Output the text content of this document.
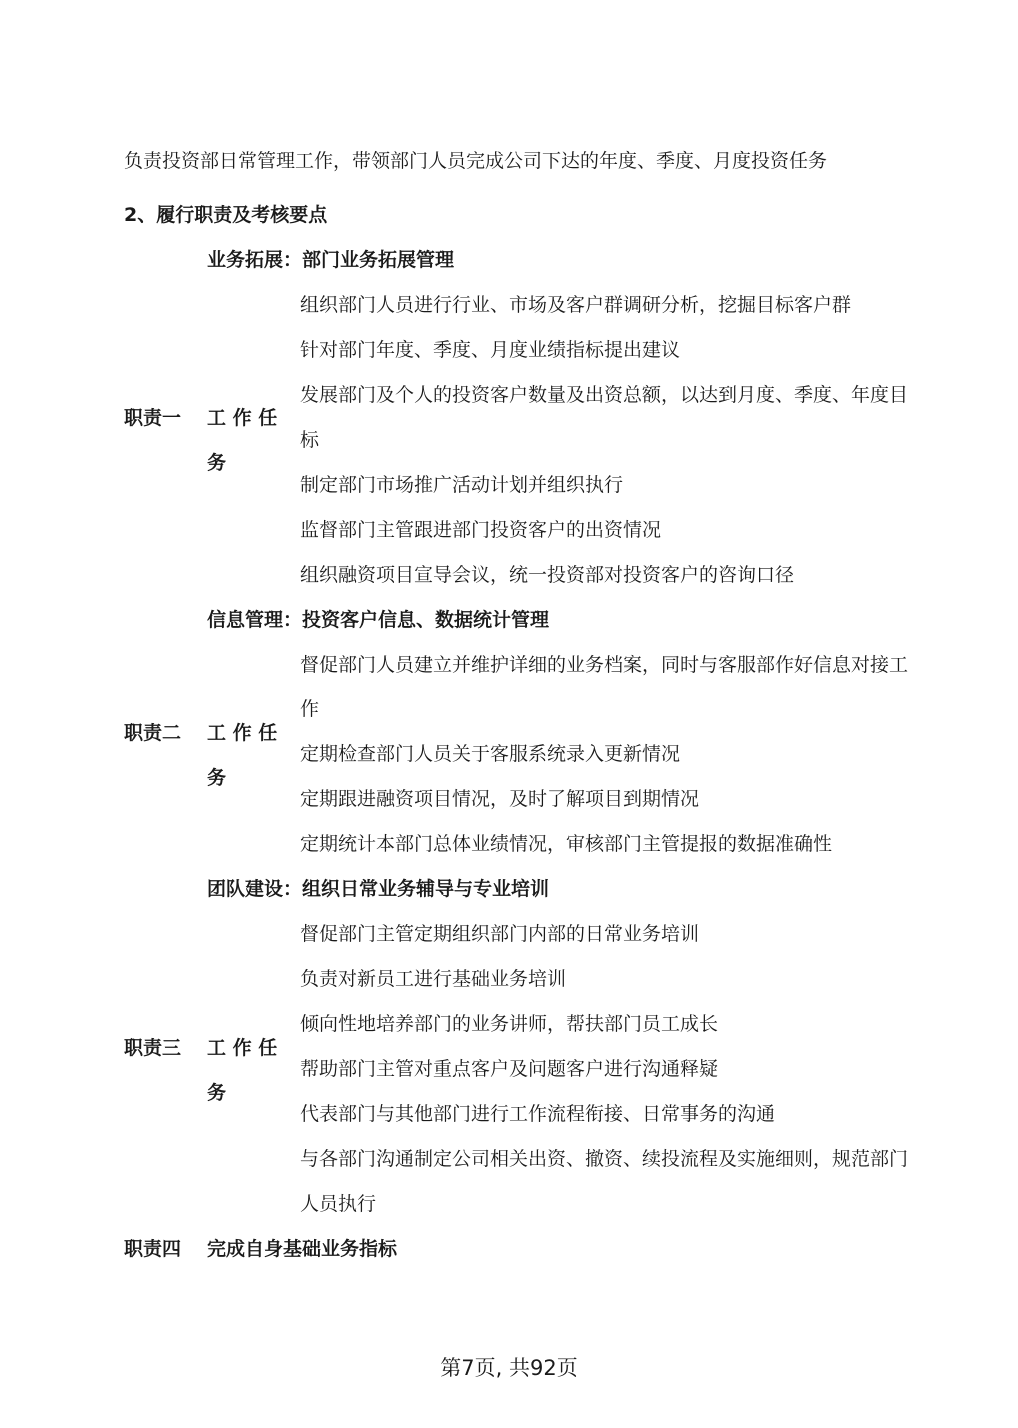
负责投资部日常管理工作，带领部门人员完成公司下达的年度、季度、月度投资任务
2、履行职责及考核要点
业务拓展：部门业务拓展管理
组织部门人员进行行业、市场及客户群调研分析，挖掘目标客户群
针对部门年度、季度、月度业绩指标提出建议
发展部门及个人的投资客户数量及出资总额，以达到月度、季度、年度目
职责一 工 作 任
标
务
制定部门市场推广活动计划并组织执行
监督部门主管跟进部门投资客户的出资情况
组织融资项目宣导会议，统一投资部对投资客户的咨询口径
信息管理：投资客户信息、数据统计管理
督促部门人员建立并维护详细的业务档案，同时与客服部作好信息对接工
作
职责二 工 作 任
定期检查部门人员关于客服系统录入更新情况
务
定期跟进融资项目情况，及时了解项目到期情况
定期统计本部门总体业绩情况，审核部门主管提报的数据准确性
团队建设：组织日常业务辅导与专业培训
督促部门主管定期组织部门内部的日常业务培训
负责对新员工进行基础业务培训
倾向性地培养部门的业务讲师，帮扶部门员工成长
职责三 工 作 任
帮助部门主管对重点客户及问题客户进行沟通释疑
务
代表部门与其他部门进行工作流程衔接、日常事务的沟通
与各部门沟通制定公司相关出资、撤资、续投流程及实施细则，规范部门
人员执行
职责四 完成自身基础业务指标
第7页, 共92页
